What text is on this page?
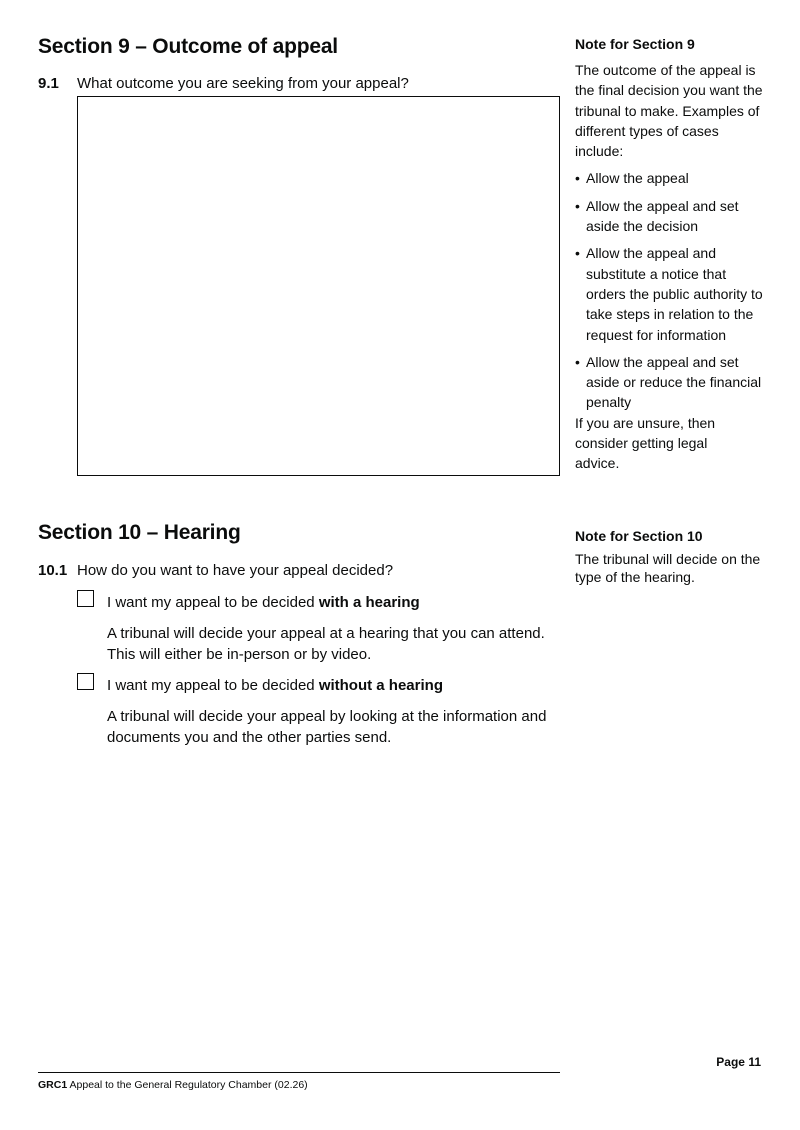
Section 9 – Outcome of appeal
9.1 What outcome you are seeking from your appeal?
Note for Section 9
The outcome of the appeal is the final decision you want the tribunal to make. Examples of different types of cases include:
• Allow the appeal
• Allow the appeal and set aside the decision
• Allow the appeal and substitute a notice that orders the public authority to take steps in relation to the request for information
• Allow the appeal and set aside or reduce the financial penalty
If you are unsure, then consider getting legal advice.
Section 10 – Hearing
10.1 How do you want to have your appeal decided?
I want my appeal to be decided with a hearing
A tribunal will decide your appeal at a hearing that you can attend. This will either be in-person or by video.
I want my appeal to be decided without a hearing
A tribunal will decide your appeal by looking at the information and documents you and the other parties send.
Note for Section 10
The tribunal will decide on the type of the hearing.
Page 11
GRC1 Appeal to the General Regulatory Chamber (02.26)
